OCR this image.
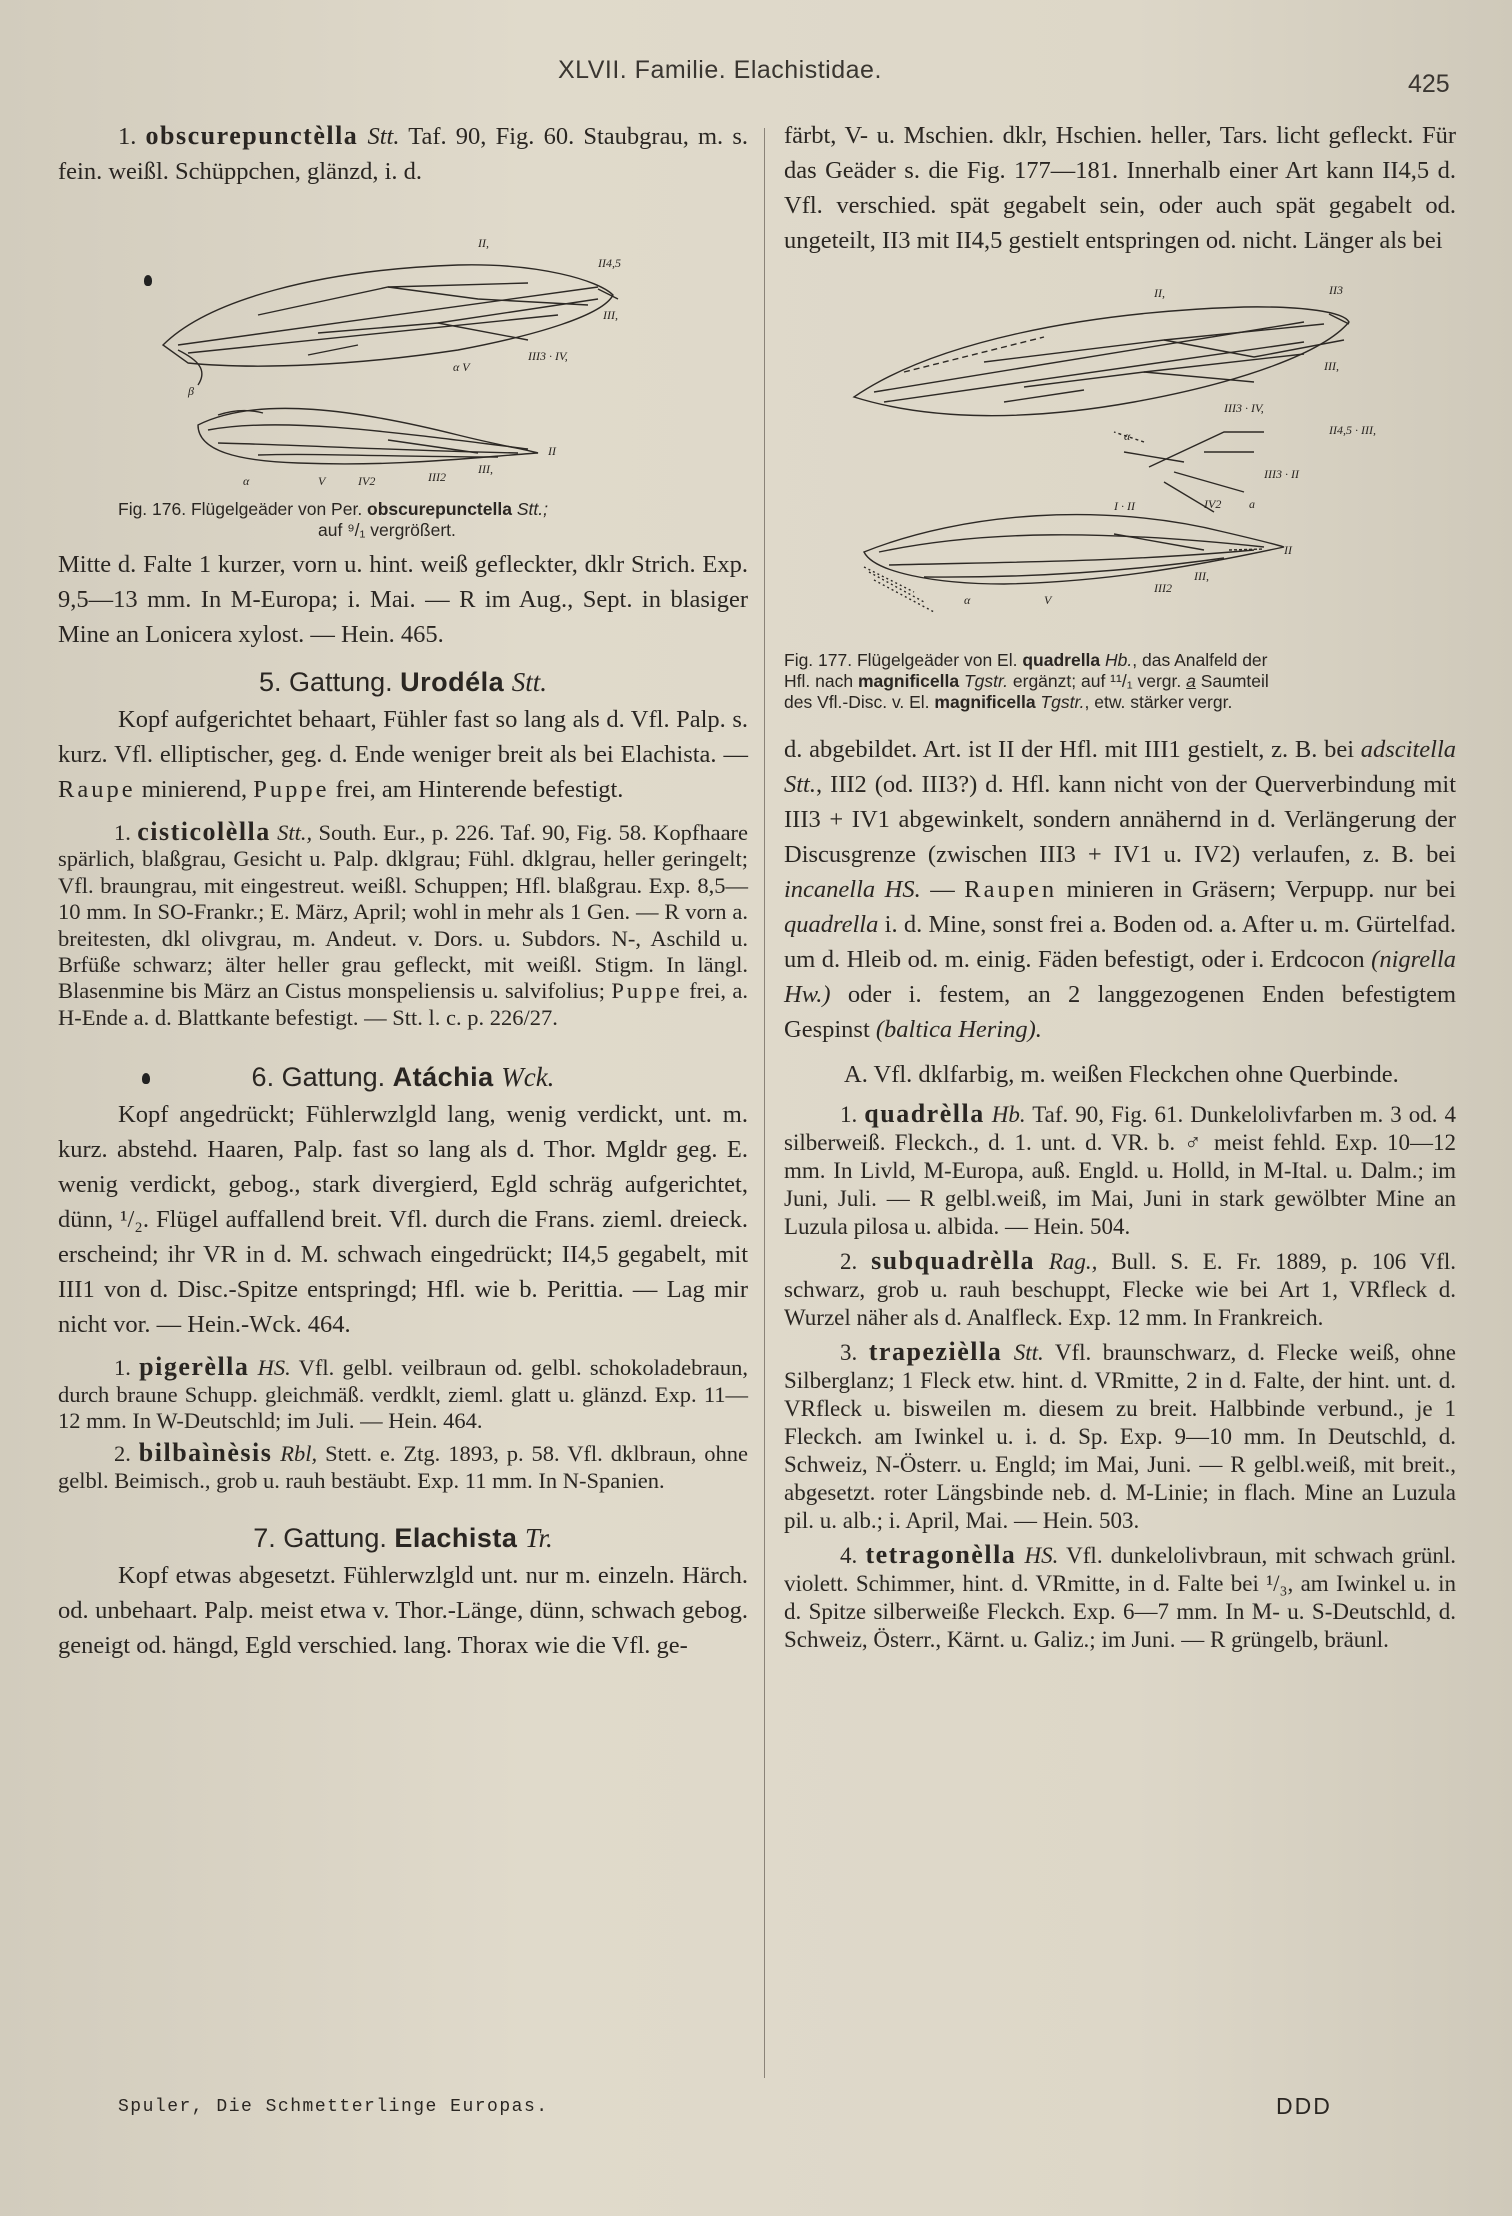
XLVII. Familie. Elachistidae.	425

1. obscurepunctèlla Stt. Taf. 90, Fig. 60. Staubgrau, m. s. fein. weißl. Schüppchen, glänzd, i. d.

II,
II4,5
III,
III3 · IV,
α V
β
II
III,
III2
IV2
V
α
Fig. 176. Flügelgeäder von Per. obscurepunctella Stt.;
auf ⁹/₁ vergrößert.

Mitte d. Falte 1 kurzer, vorn u. hint. weiß gefleckter, dklr Strich. Exp. 9,5—13 mm. In M-Europa; i. Mai. — R im Aug., Sept. in blasiger Mine an Lonicera xylost. — Hein. 465.

5. Gattung. Urodéla Stt.

Kopf aufgerichtet behaart, Fühler fast so lang als d. Vfl. Palp. s. kurz. Vfl. elliptischer, geg. d. Ende weniger breit als bei Elachista. — Raupe minierend, Puppe frei, am Hinterende befestigt.

1. cisticolèlla Stt., South. Eur., p. 226. Taf. 90, Fig. 58. Kopfhaare spärlich, blaßgrau, Gesicht u. Palp. dklgrau; Fühl. dklgrau, heller geringelt; Vfl. braungrau, mit eingestreut. weißl. Schuppen; Hfl. blaßgrau. Exp. 8,5—10 mm. In SO-Frankr.; E. März, April; wohl in mehr als 1 Gen. — R vorn a. breitesten, dkl olivgrau, m. Andeut. v. Dors. u. Subdors. N-, Aschild u. Brfüße schwarz; älter heller grau gefleckt, mit weißl. Stigm. In längl. Blasenmine bis März an Cistus monspeliensis u. salvifolius; Puppe frei, a. H-Ende a. d. Blattkante befestigt. — Stt. l. c. p. 226/27.

6. Gattung. Atáchia Wck.

Kopf angedrückt; Fühlerwzlgld lang, wenig verdickt, unt. m. kurz. abstehd. Haaren, Palp. fast so lang als d. Thor. Mgldr geg. E. wenig verdickt, gebog., stark divergierd, Egld schräg aufgerichtet, dünn, ¹/₂. Flügel auffallend breit. Vfl. durch die Frans. zieml. dreieck. erscheind; ihr VR in d. M. schwach eingedrückt; II4,5 gegabelt, mit III1 von d. Disc.-Spitze entspringd; Hfl. wie b. Perittia. — Lag mir nicht vor. — Hein.-Wck. 464.

1. pigerèlla HS. Vfl. gelbl. veilbraun od. gelbl. schokoladebraun, durch braune Schupp. gleichmäß. verdklt, zieml. glatt u. glänzd. Exp. 11—12 mm. In W-Deutschld; im Juli. — Hein. 464.

2. bilbaìnèsis Rbl, Stett. e. Ztg. 1893, p. 58. Vfl. dklbraun, ohne gelbl. Beimisch., grob u. rauh bestäubt. Exp. 11 mm. In N-Spanien.

7. Gattung. Elachista Tr.

Kopf etwas abgesetzt. Fühlerwzlgld unt. nur m. einzeln. Härch. od. unbehaart. Palp. meist etwa v. Thor.-Länge, dünn, schwach gebog. geneigt od. hängd, Egld verschied. lang. Thorax wie die Vfl. ge-

färbt, V- u. Mschien. dklr, Hschien. heller, Tars. licht gefleckt. Für das Geäder s. die Fig. 177—181. Innerhalb einer Art kann II4,5 d. Vfl. verschied. spät gegabelt sein, oder auch spät gegabelt od. ungeteilt, II3 mit II4,5 gestielt entspringen od. nicht. Länger als bei

II,	II3
III,
III3 · IV,
II4,5 · III,
α
III3 · II
I · II	IV2 a
II
III,
III2
V
α
Fig. 177. Flügelgeäder von El. quadrella Hb., das Analfeld der
Hfl. nach magnificella Tgstr. ergänzt; auf ¹¹/₁ vergr. a Saumteil
des Vfl.-Disc. v. El. magnificella Tgstr., etw. stärker vergr.

d. abgebildet. Art. ist II der Hfl. mit III1 gestielt, z. B. bei adscitella Stt., III2 (od. III3?) d. Hfl. kann nicht von der Querverbindung mit III3 + IV1 abgewinkelt, sondern annähernd in d. Verlängerung der Discusgrenze (zwischen III3 + IV1 u. IV2) verlaufen, z. B. bei incanella HS. — Raupen minieren in Gräsern; Verpupp. nur bei quadrella i. d. Mine, sonst frei a. Boden od. a. After u. m. Gürtelfad. um d. Hleib od. m. einig. Fäden befestigt, oder i. Erdcocon (nigrella Hw.) oder i. festem, an 2 langgezogenen Enden befestigtem Gespinst (baltica Hering).

A. Vfl. dklfarbig, m. weißen Fleckchen ohne Querbinde.

1. quadrèlla Hb. Taf. 90, Fig. 61. Dunkelolivfarben m. 3 od. 4 silberweiß. Fleckch., d. 1. unt. d. VR. b. ♂ meist fehld. Exp. 10—12 mm. In Livld, M-Europa, auß. Engld. u. Holld, in M-Ital. u. Dalm.; im Juni, Juli. — R gelbl.weiß, im Mai, Juni in stark gewölbter Mine an Luzula pilosa u. albida. — Hein. 504.

2. subquadrèlla Rag., Bull. S. E. Fr. 1889, p. 106 Vfl. schwarz, grob u. rauh beschuppt, Flecke wie bei Art 1, VRfleck d. Wurzel näher als d. Analfleck. Exp. 12 mm. In Frankreich.

3. trapezièlla Stt. Vfl. braunschwarz, d. Flecke weiß, ohne Silberglanz; 1 Fleck etw. hint. d. VRmitte, 2 in d. Falte, der hint. unt. d. VRfleck u. bisweilen m. diesem zu breit. Halbbinde verbund., je 1 Fleckch. am Iwinkel u. i. d. Sp. Exp. 9—10 mm. In Deutschld, d. Schweiz, N-Österr. u. Engld; im Mai, Juni. — R gelbl.weiß, mit breit., abgesetzt. roter Längsbinde neb. d. M-Linie; in flach. Mine an Luzula pil. u. alb.; i. April, Mai. — Hein. 503.

4. tetragonèlla HS. Vfl. dunkelolivbraun, mit schwach grünl. violett. Schimmer, hint. d. VRmitte, in d. Falte bei ¹/₃, am Iwinkel u. in d. Spitze silberweiße Fleckch. Exp. 6—7 mm. In M- u. S-Deutschld, d. Schweiz, Österr., Kärnt. u. Galiz.; im Juni. — R grüngelb, bräunl.

Spuler, Die Schmetterlinge Europas.	DDD
